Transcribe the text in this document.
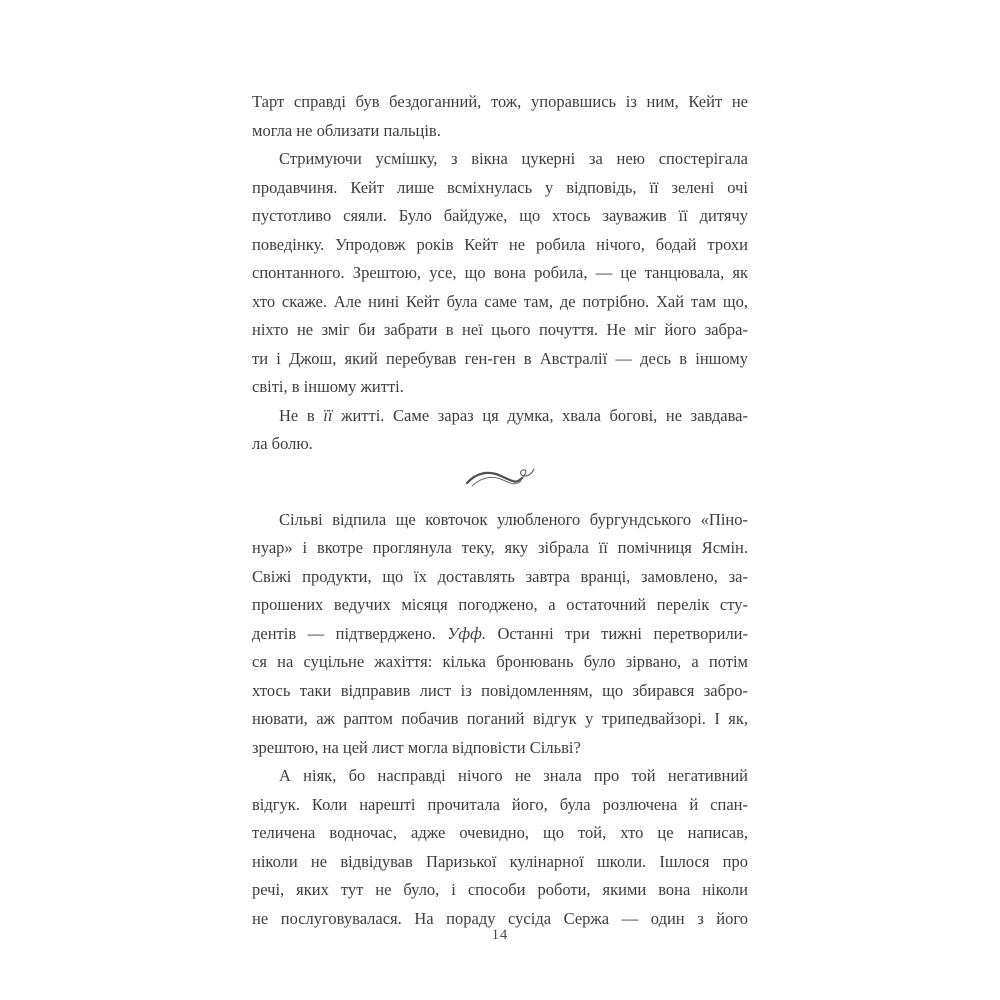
Тарт справді був бездоганний, тож, упоравшись із ним, Кейт не
могла не облизати пальців.
Стримуючи усмішку, з вікна цукерні за нею спостерігала
продавчиня. Кейт лише всміхнулась у відповідь, її зелені очі
пустотливо сяяли. Було байдуже, що хтось зауважив її дитячу
поведінку. Упродовж років Кейт не робила нічого, бодай трохи
спонтанного. Зрештою, усе, що вона робила, — це танцювала, як
хто скаже. Але нині Кейт була саме там, де потрібно. Хай там що,
ніхто не зміг би забрати в неї цього почуття. Не міг його забра-
ти і Джош, який перебував ген-ген в Австралії — десь в іншому
світі, в іншому житті.
Не в її житті. Саме зараз ця думка, хвала богові, не завдава-
ла болю.
Сільві відпила ще ковточок улюбленого бургундського «Піно-
нуар» і вкотре проглянула теку, яку зібрала її помічниця Ясмін.
Свіжі продукти, що їх доставлять завтра вранці, замовлено, за-
прошених ведучих місяця погоджено, а остаточний перелік сту-
дентів — підтверджено. Уфф. Останні три тижні перетворили-
ся на суцільне жахіття: кілька бронювань було зірвано, а потім
хтось таки відправив лист із повідомленням, що збирався забро-
нювати, аж раптом побачив поганий відгук у трипедвайзорі. І як,
зрештою, на цей лист могла відповісти Сільві?
А ніяк, бо насправді нічого не знала про той негативний
відгук. Коли нарешті прочитала його, була розлючена й спан-
теличена водночас, адже очевидно, що той, хто це написав,
ніколи не відвідував Паризької кулінарної школи. Ішлося про
речі, яких тут не було, і способи роботи, якими вона ніколи
не послуговувалася. На пораду сусіда Сержа — один з його
14
